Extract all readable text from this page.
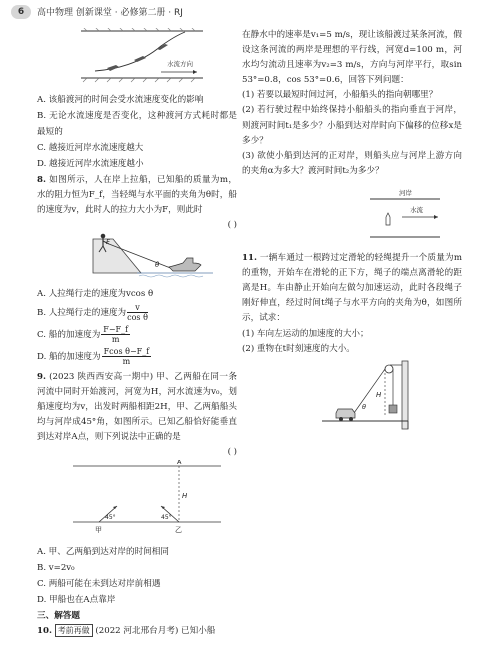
6	高中物理 创新课堂 · 必修第二册 · RJ
水流方向

A. 该船渡河的时间会受水流速度变化的影响

B. 无论水流速度是否变化，这种渡河方式耗时都是最短的

C. 越接近河岸水流速度越大

D. 越接近河岸水流速度越小

8. 如图所示，人在岸上拉船，已知船的质量为m，水的阻力恒为F_f，当轻绳与水平面的夹角为θ时，船的速度为v，此时人的拉力大小为F，则此时

( )
F
θ

A. 人拉绳行走的速度为vcos θ

B. 人拉绳行走的速度为 $\frac{v}{\text{cos θ}}$

C. 船的加速度为 $\frac{F-F\_f}{m}$

D. 船的加速度为 $\frac{\text{Fcos θ−F\_f}}{m}$

9. (2023 陕西西安高一期中) 甲、乙两船在同一条河流中同时开始渡河，河宽为H，河水流速为v₀，划船速度均为v，出发时两船相距2H，甲、乙两船船头均与河岸成45°角，如图所示。已知乙船恰好能垂直到达对岸A点，则下列说法中正确的是

( )
A
H
45°	45°
甲	乙

A. 甲、乙两船到达对岸的时间相同

B. v=2v₀

C. 两船可能在未到达对岸前相遇

D. 甲船也在A点靠岸

三、解答题

10. 考前再做 (2022 河北邢台月考) 已知小船

在静水中的速率是v₁=5 m/s，现让该船渡过某条河流，假设这条河流的两岸是理想的平行线，河宽d=100 m，河水均匀流动且速率为v₂=3 m/s，方向与河岸平行，取sin 53°=0.8，cos 53°=0.6，回答下列问题：

(1) 若要以最短时间过河，小船船头的指向朝哪里？

(2) 若行驶过程中始终保持小船船头的指向垂直于河岸，则渡河时间t₁是多少？小船到达对岸时向下偏移的位移x是多少？

(3) 欲使小船到达河的正对岸，则船头应与河岸上游方向的夹角α为多大？渡河时间t₂为多少？

河岸
水流

11. 一辆车通过一根跨过定滑轮的轻绳提升一个质量为m的重物，开始车在滑轮的正下方，绳子的端点离滑轮的距离是H。车由静止开始向左做匀加速运动，此时各段绳子刚好伸直，经过时间t绳子与水平方向的夹角为θ，如图所示，试求：

(1) 车向左运动的加速度的大小；

(2) 重物在t时刻速度的大小。

H
θ
